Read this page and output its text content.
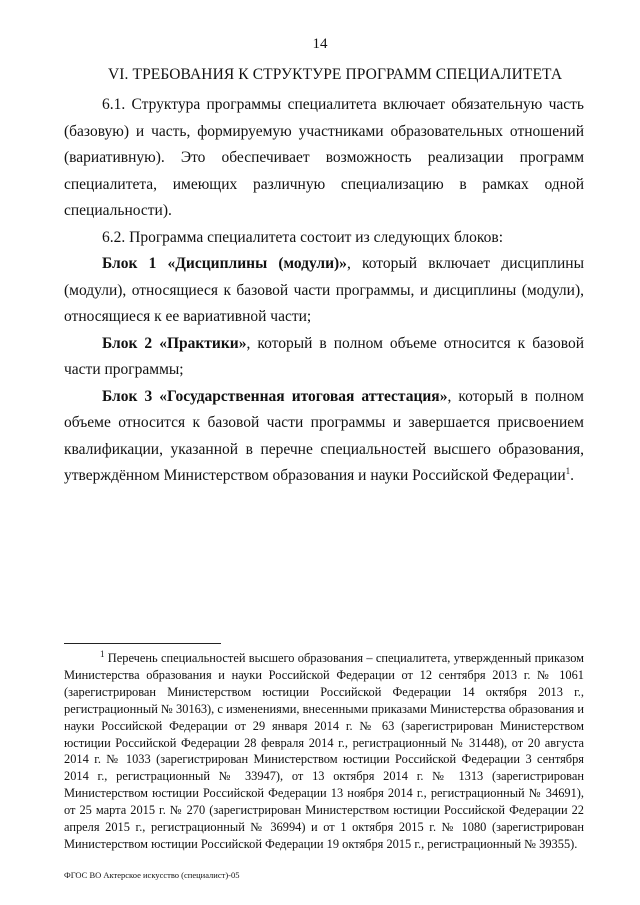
14
VI. ТРЕБОВАНИЯ К СТРУКТУРЕ ПРОГРАММ СПЕЦИАЛИТЕТА

6.1. Структура программы специалитета включает обязательную часть (базовую) и часть, формируемую участниками образовательных отношений (вариативную). Это обеспечивает возможность реализации программ специалитета, имеющих различную специализацию в рамках одной специальности).

6.2. Программа специалитета состоит из следующих блоков:

Блок 1 «Дисциплины (модули)», который включает дисциплины (модули), относящиеся к базовой части программы, и дисциплины (модули), относящиеся к ее вариативной части;

Блок 2 «Практики», который в полном объеме относится к базовой части программы;

Блок 3 «Государственная итоговая аттестация», который в полном объеме относится к базовой части программы и завершается присвоением квалификации, указанной в перечне специальностей высшего образования, утверждённом Министерством образования и науки Российской Федерации$^1$.

$^1$ Перечень специальностей высшего образования – специалитета, утвержденный приказом Министерства образования и науки Российской Федерации от 12 сентября 2013 г. № 1061 (зарегистрирован Министерством юстиции Российской Федерации 14 октября 2013 г., регистрационный № 30163), с изменениями, внесенными приказами Министерства образования и науки Российской Федерации от 29 января 2014 г. № 63 (зарегистрирован Министерством юстиции Российской Федерации 28 февраля 2014 г., регистрационный № 31448), от 20 августа 2014 г. № 1033 (зарегистрирован Министерством юстиции Российской Федерации 3 сентября 2014 г., регистрационный № 33947), от 13 октября 2014 г. № 1313 (зарегистрирован Министерством юстиции Российской Федерации 13 ноября 2014 г., регистрационный № 34691), от 25 марта 2015 г. № 270 (зарегистрирован Министерством юстиции Российской Федерации 22 апреля 2015 г., регистрационный № 36994) и от 1 октября 2015 г. № 1080 (зарегистрирован Министерством юстиции Российской Федерации 19 октября 2015 г., регистрационный № 39355).

ФГОС ВО Актерское искусство (специалист)-05
